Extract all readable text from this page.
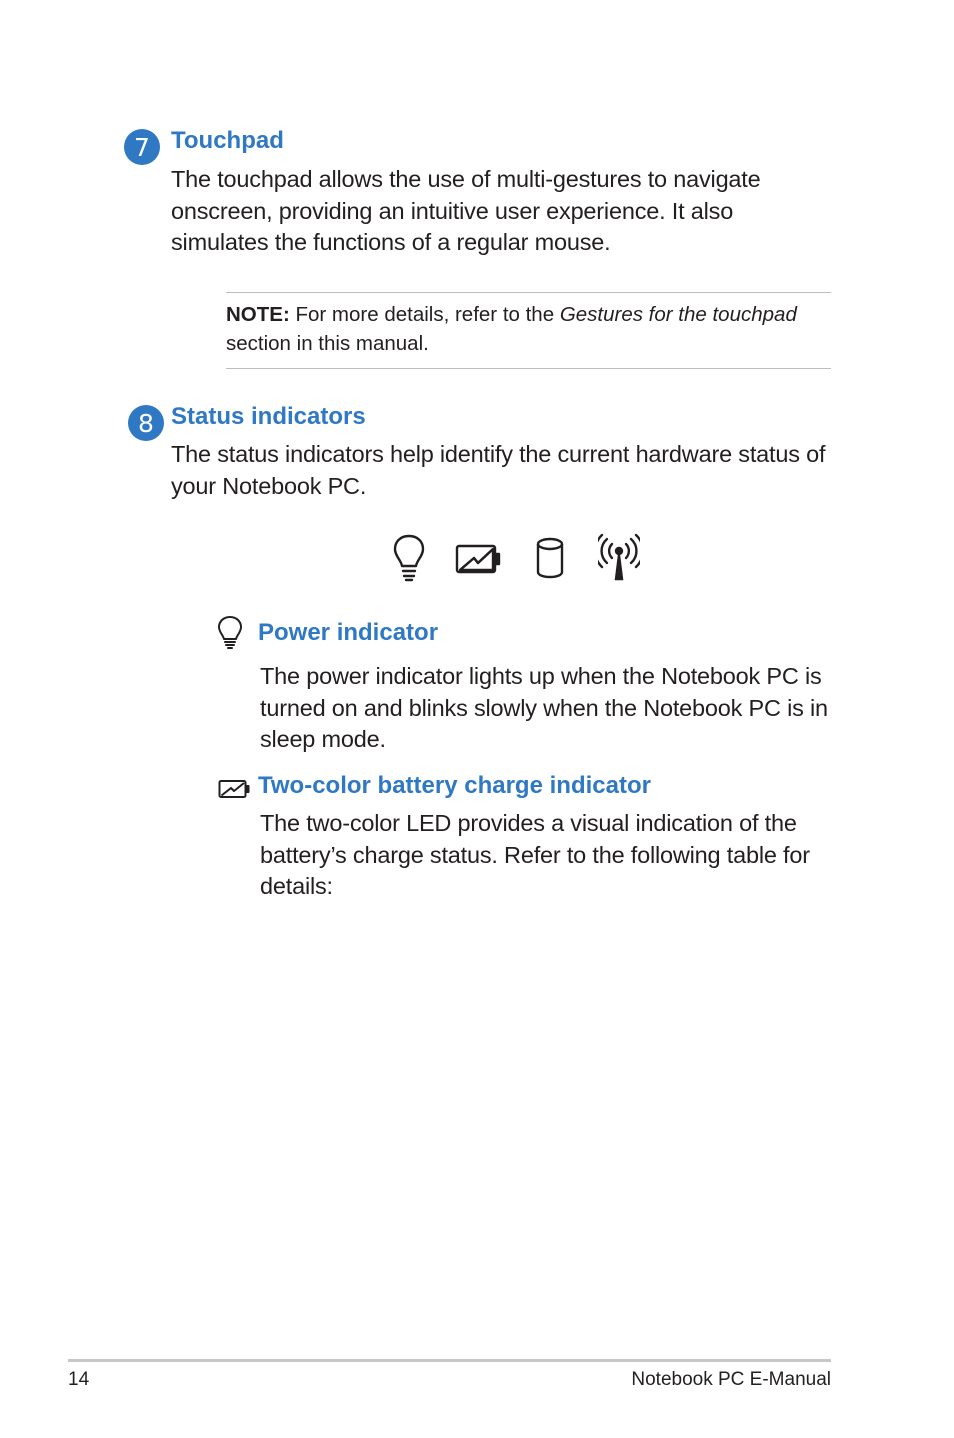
7 Touchpad
The touchpad allows the use of multi-gestures to navigate onscreen, providing an intuitive user experience. It also simulates the functions of a regular mouse.
NOTE: For more details, refer to the Gestures for the touchpad section in this manual.
8 Status indicators
The status indicators help identify the current hardware status of your Notebook PC.
Power indicator
The power indicator lights up when the Notebook PC is turned on and blinks slowly when the Notebook PC is in sleep mode.
Two-color battery charge indicator
The two-color LED provides a visual indication of the battery’s charge status. Refer to the following table for details:
14	Notebook PC E-Manual
